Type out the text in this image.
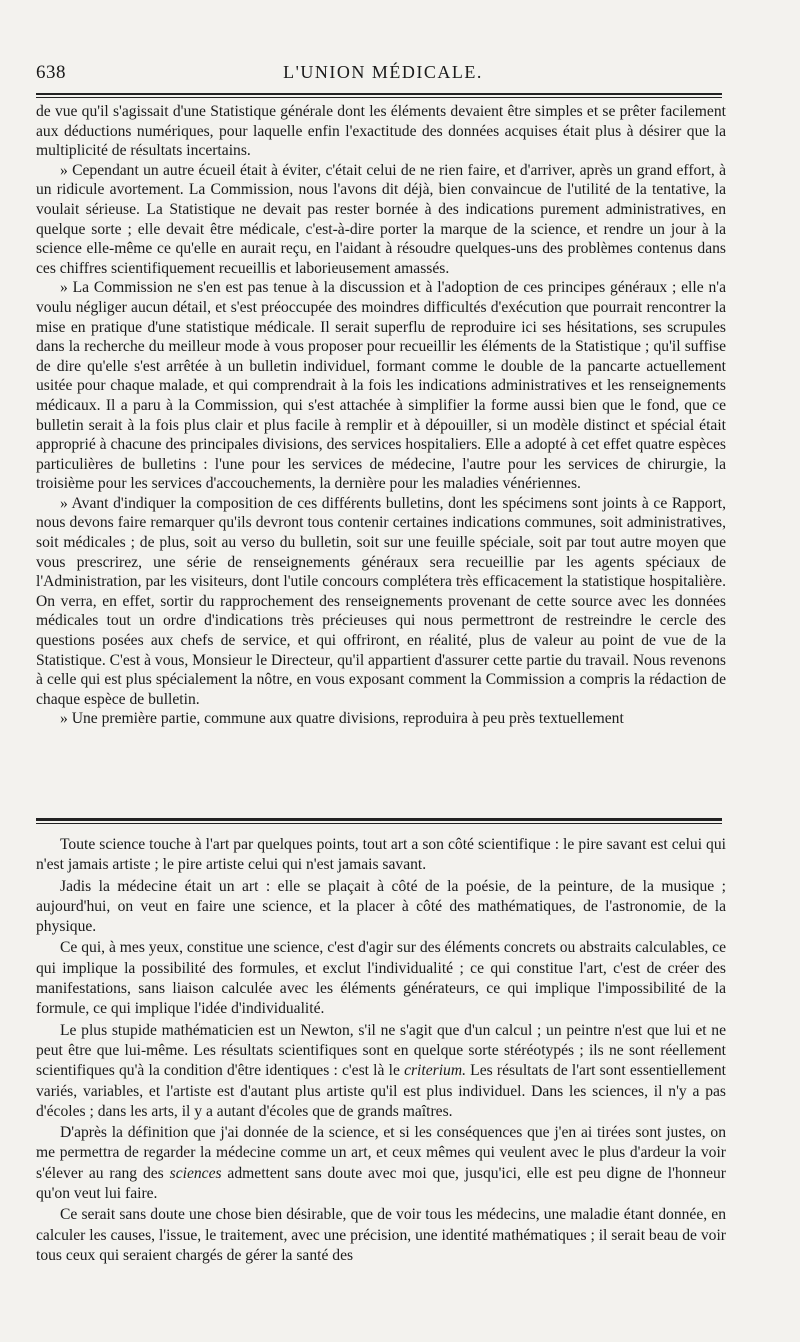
638	L'UNION MÉDICALE.

de vue qu'il s'agissait d'une Statistique générale dont les éléments devaient être simples et se prêter facilement aux déductions numériques, pour laquelle enfin l'exactitude des données acquises était plus à désirer que la multiplicité de résultats incertains.

» Cependant un autre écueil était à éviter, c'était celui de ne rien faire, et d'arriver, après un grand effort, à un ridicule avortement. La Commission, nous l'avons dit déjà, bien convaincue de l'utilité de la tentative, la voulait sérieuse. La Statistique ne devait pas rester bornée à des indications purement administratives, en quelque sorte ; elle devait être médicale, c'est-à-dire porter la marque de la science, et rendre un jour à la science elle-même ce qu'elle en aurait reçu, en l'aidant à résoudre quelques-uns des problèmes contenus dans ces chiffres scientifiquement recueillis et laborieusement amassés.

» La Commission ne s'en est pas tenue à la discussion et à l'adoption de ces principes généraux ; elle n'a voulu négliger aucun détail, et s'est préoccupée des moindres difficultés d'exécution que pourrait rencontrer la mise en pratique d'une statistique médicale. Il serait superflu de reproduire ici ses hésitations, ses scrupules dans la recherche du meilleur mode à vous proposer pour recueillir les éléments de la Statistique ; qu'il suffise de dire qu'elle s'est arrêtée à un bulletin individuel, formant comme le double de la pancarte actuellement usitée pour chaque malade, et qui comprendrait à la fois les indications administratives et les renseignements médicaux. Il a paru à la Commission, qui s'est attachée à simplifier la forme aussi bien que le fond, que ce bulletin serait à la fois plus clair et plus facile à remplir et à dépouiller, si un modèle distinct et spécial était approprié à chacune des principales divisions, des services hospitaliers. Elle a adopté à cet effet quatre espèces particulières de bulletins : l'une pour les services de médecine, l'autre pour les services de chirurgie, la troisième pour les services d'accouchements, la dernière pour les maladies vénériennes.

» Avant d'indiquer la composition de ces différents bulletins, dont les spécimens sont joints à ce Rapport, nous devons faire remarquer qu'ils devront tous contenir certaines indications communes, soit administratives, soit médicales ; de plus, soit au verso du bulletin, soit sur une feuille spéciale, soit par tout autre moyen que vous prescrirez, une série de renseignements généraux sera recueillie par les agents spéciaux de l'Administration, par les visiteurs, dont l'utile concours complétera très efficacement la statistique hospitalière. On verra, en effet, sortir du rapprochement des renseignements provenant de cette source avec les données médicales tout un ordre d'indications très précieuses qui nous permettront de restreindre le cercle des questions posées aux chefs de service, et qui offriront, en réalité, plus de valeur au point de vue de la Statistique. C'est à vous, Monsieur le Directeur, qu'il appartient d'assurer cette partie du travail. Nous revenons à celle qui est plus spécialement la nôtre, en vous exposant comment la Commission a compris la rédaction de chaque espèce de bulletin.

» Une première partie, commune aux quatre divisions, reproduira à peu près textuellement

Toute science touche à l'art par quelques points, tout art a son côté scientifique : le pire savant est celui qui n'est jamais artiste ; le pire artiste celui qui n'est jamais savant.

Jadis la médecine était un art : elle se plaçait à côté de la poésie, de la peinture, de la musique ; aujourd'hui, on veut en faire une science, et la placer à côté des mathématiques, de l'astronomie, de la physique.

Ce qui, à mes yeux, constitue une science, c'est d'agir sur des éléments concrets ou abstraits calculables, ce qui implique la possibilité des formules, et exclut l'individualité ; ce qui constitue l'art, c'est de créer des manifestations, sans liaison calculée avec les éléments générateurs, ce qui implique l'impossibilité de la formule, ce qui implique l'idée d'individualité.

Le plus stupide mathématicien est un Newton, s'il ne s'agit que d'un calcul ; un peintre n'est que lui et ne peut être que lui-même. Les résultats scientifiques sont en quelque sorte stéréotypés ; ils ne sont réellement scientifiques qu'à la condition d'être identiques : c'est là le criterium. Les résultats de l'art sont essentiellement variés, variables, et l'artiste est d'autant plus artiste qu'il est plus individuel. Dans les sciences, il n'y a pas d'écoles ; dans les arts, il y a autant d'écoles que de grands maîtres.

D'après la définition que j'ai donnée de la science, et si les conséquences que j'en ai tirées sont justes, on me permettra de regarder la médecine comme un art, et ceux mêmes qui veulent avec le plus d'ardeur la voir s'élever au rang des sciences admettent sans doute avec moi que, jusqu'ici, elle est peu digne de l'honneur qu'on veut lui faire.

Ce serait sans doute une chose bien désirable, que de voir tous les médecins, une maladie étant donnée, en calculer les causes, l'issue, le traitement, avec une précision, une identité mathématiques ; il serait beau de voir tous ceux qui seraient chargés de gérer la santé des
